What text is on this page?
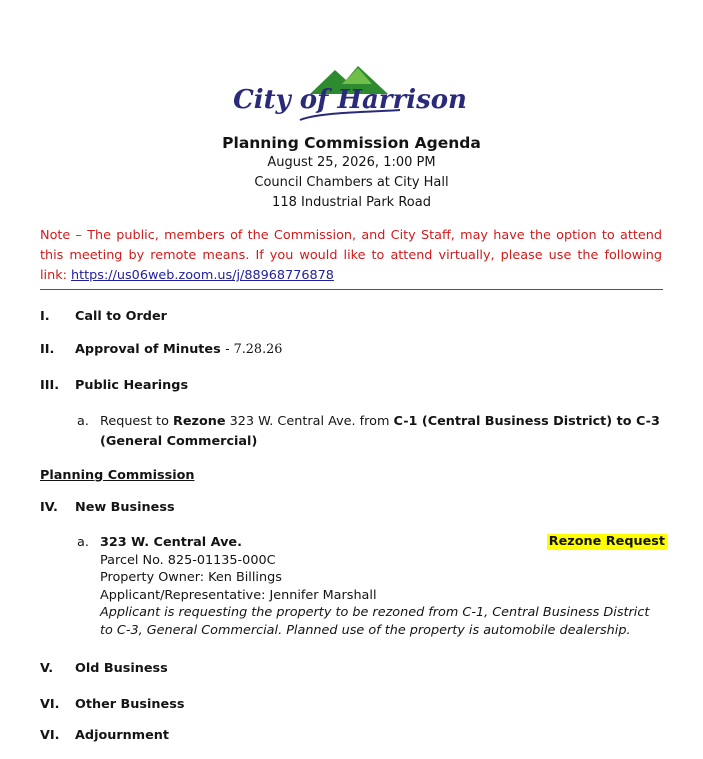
City of Harrison
Planning Commission Agenda
August 25, 2026, 1:00 PM
Council Chambers at City Hall
118 Industrial Park Road
Note – The public, members of the Commission, and City Staff, may have the option to attend this meeting by remote means. If you would like to attend virtually, please use the following link: https://us06web.zoom.us/j/88968776878
I.	Call to Order
II.	Approval of Minutes - 7.28.26
III.	Public Hearings
a. Request to Rezone 323 W. Central Ave. from C-1 (Central Business District) to C-3 (General Commercial)
Planning Commission
IV.	New Business
a. 323 W. Central Ave.
Parcel No. 825-01135-000C
Property Owner: Ken Billings
Applicant/Representative: Jennifer Marshall
Applicant is requesting the property to be rezoned from C-1, Central Business District to C-3, General Commercial. Planned use of the property is automobile dealership.
Rezone Request
V.	Old Business
VI.	Other Business
VI.	Adjournment
